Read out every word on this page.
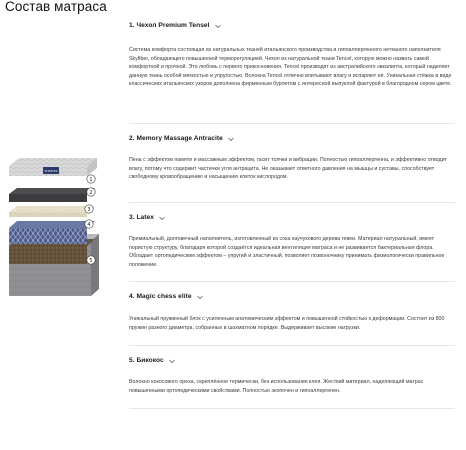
Состав матраса
VITAFLEX
1
2
3
4
5
1. Чехол Premium Tensel
Система комфорта состоящая из натуральных тканей итальянского производства и гипоаллергенного нетканого наполнителя Skyfiber, обладающего повышенной терморегуляцией. Чехол из натуральной ткани Tencel, которую можно назвать самой комфортной и прочной. Это любовь с первого прикосновения. Tencel производят из австралийского эвкалипта, который наделяет данную ткань особой мягкостью и упругостью. Волокна Tencel отлично впитывают влагу и испаряют её. Уникальная стёжка в виде классических итальянских узоров дополнена фирменным бурлетом с интересной выпуклой фактурой в благородном сером цвете.
2. Memory Massage Antracite
Пена с эффектом памяти и массажным эффектом, гасит толчки и вибрации. Полностью гипоаллергенна, и эффективно отводит влагу, потому что содержит частички угля антрацита. Не оказывает ответного давления на мышцы и суставы, способствует свободному кровообращению и насыщению клеток кислородом.
3. Latex
Премиальный, долговечный наполнитель, изготовленный из сока каучукового дерева гевеи. Материал натуральный, имеет пористую структуру, благодаря которой создаётся идеальная вентиляция матраса и не развивается бактериальная флора. Обладает ортопедическим эффектом – упругий и эластичный, позволяет позвоночнику принимать физиологически правильное положение.
4. Magic chess elite
Уникальный пружинный блок с усиленным анатомическим эффектом и повышенной стойкостью к деформации. Состоит из 800 пружин разного диаметра, собранных в шахматном порядке. Выдерживает высокие нагрузки.
5. Бикокос
Волокно кокосового ореха, скреплённое термически, без использования клея. Жесткий материал, наделяющий матрас повышенными ортопедическими свойствами. Полностью экопочен и гипоаллергенен.
